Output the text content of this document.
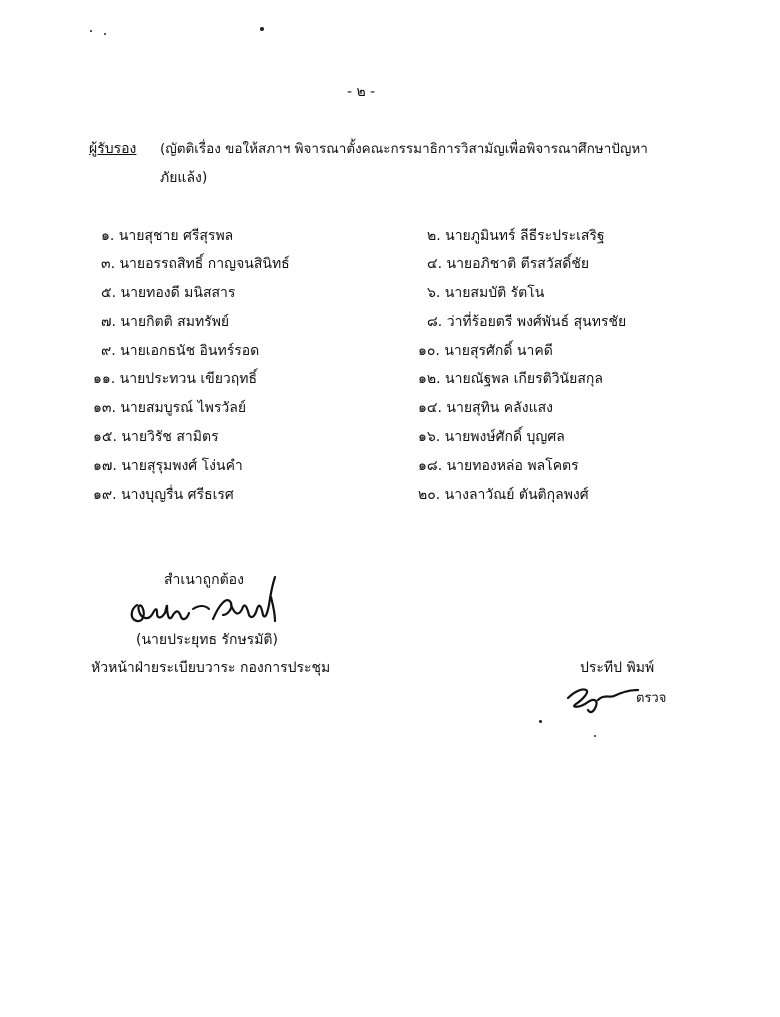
- ๒ -
ผู้รับรอง (ญัตติเรื่อง ขอให้สภาฯ พิจารณาตั้งคณะกรรมาธิการวิสามัญเพื่อพิจารณาศึกษาปัญหา
ภัยแล้ง)
๑. นายสุชาย ศรีสุรพล
๓. นายอรรถสิทธิ์ กาญจนสินิทธ์
๕. นายทองดี มนิสสาร
๗. นายกิตติ สมทรัพย์
๙. นายเอกธนัช อินทร์รอด
๑๑. นายประทวน เขียวฤทธิ์
๑๓. นายสมบูรณ์ ไพรวัลย์
๑๕. นายวิรัช สามิตร
๑๗. นายสุรุมพงศ์ โง่นคำ
๑๙. นางบุญรื่น ศรีธเรศ
๒. นายภูมินทร์ ลีธีระประเสริฐ
๔. นายอภิชาติ ตีรสวัสดิ์ชัย
๖. นายสมบัติ รัตโน
๘. ว่าที่ร้อยตรี พงศ์พันธ์ สุนทรชัย
๑๐. นายสุรศักดิ์ นาคดี
๑๒. นายณัฐพล เกียรติวินัยสกุล
๑๔. นายสุทิน คลังแสง
๑๖. นายพงษ์ศักดิ์ บุญศล
๑๘. นายทองหล่อ พลโคตร
๒๐. นางลาวัณย์ ตันติกุลพงศ์
สำเนาถูกต้อง
(นายประยุทธ รักษรมัติ)
หัวหน้าฝ่ายระเบียบวาระ กองการประชุม	ประทีป พิมพ์
ตรวจ
